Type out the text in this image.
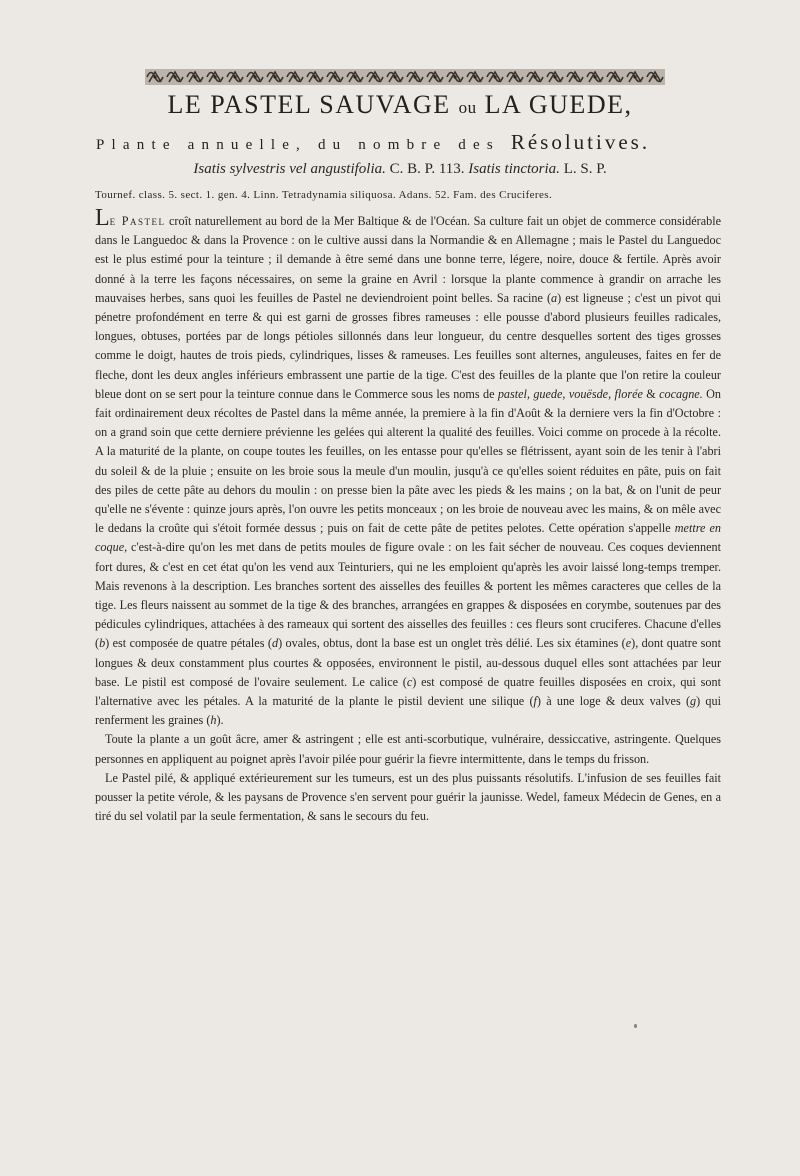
LE PASTEL SAUVAGE ou LA GUEDE,
Plante annuelle, du nombre des Résolutives.
Isatis sylvestris vel angustifolia. C. B. P. 113. Isatis tinctoria. L. S. P.
Tournef. class. 5. sect. 1. gen. 4. Linn. Tetradynamia siliquosa. Adans. 52. Fam. des Cruciferes.

Le Pastel croît naturellement au bord de la Mer Baltique & de l'Océan. Sa culture fait un objet de commerce considérable dans le Languedoc & dans la Provence : on le cultive aussi dans la Normandie & en Allemagne ; mais le Pastel du Languedoc est le plus estimé pour la teinture ; il demande à être semé dans une bonne terre, légere, noire, douce & fertile. Après avoir donné à la terre les façons nécessaires, on seme la graine en Avril : lorsque la plante commence à grandir on arrache les mauvaises herbes, sans quoi les feuilles de Pastel ne deviendroient point belles. Sa racine (a) est ligneuse ; c'est un pivot qui pénetre profondément en terre & qui est garni de grosses fibres rameuses : elle pousse d'abord plusieurs feuilles radicales, longues, obtuses, portées par de longs pétioles sillonnés dans leur longueur, du centre desquelles sortent des tiges grosses comme le doigt, hautes de trois pieds, cylindriques, lisses & rameuses. Les feuilles sont alternes, anguleuses, faites en fer de fleche, dont les deux angles inférieurs embrassent une partie de la tige. C'est des feuilles de la plante que l'on retire la couleur bleue dont on se sert pour la teinture connue dans le Commerce sous les noms de pastel, guede, vouësde, florée & cocagne. On fait ordinairement deux récoltes de Pastel dans la même année, la premiere à la fin d'Août & la derniere vers la fin d'Octobre : on a grand soin que cette derniere prévienne les gelées qui alterent la qualité des feuilles. Voici comme on procede à la récolte. A la maturité de la plante, on coupe toutes les feuilles, on les entasse pour qu'elles se flétrissent, ayant soin de les tenir à l'abri du soleil & de la pluie ; ensuite on les broie sous la meule d'un moulin, jusqu'à ce qu'elles soient réduites en pâte, puis on fait des piles de cette pâte au dehors du moulin : on presse bien la pâte avec les pieds & les mains ; on la bat, & on l'unit de peur qu'elle ne s'évente : quinze jours après, l'on ouvre les petits monceaux ; on les broie de nouveau avec les mains, & on mêle avec le dedans la croûte qui s'étoit formée dessus ; puis on fait de cette pâte de petites pelotes. Cette opération s'appelle mettre en coque, c'est-à-dire qu'on les met dans de petits moules de figure ovale : on les fait sécher de nouveau. Ces coques deviennent fort dures, & c'est en cet état qu'on les vend aux Teinturiers, qui ne les emploient qu'après les avoir laissé long-temps tremper. Mais revenons à la description. Les branches sortent des aisselles des feuilles & portent les mêmes caracteres que celles de la tige. Les fleurs naissent au sommet de la tige & des branches, arrangées en grappes & disposées en corymbe, soutenues par des pédicules cylindriques, attachées à des rameaux qui sortent des aisselles des feuilles : ces fleurs sont cruciferes. Chacune d'elles (b) est composée de quatre pétales (d) ovales, obtus, dont la base est un onglet très délié. Les six étamines (e), dont quatre sont longues & deux constamment plus courtes & opposées, environnent le pistil, au-dessous duquel elles sont attachées par leur base. Le pistil est composé de l'ovaire seulement. Le calice (c) est composé de quatre feuilles disposées en croix, qui sont l'alternative avec les pétales. A la maturité de la plante le pistil devient une silique (f) à une loge & deux valves (g) qui renferment les graines (h).

Toute la plante a un goût âcre, amer & astringent ; elle est anti-scorbutique, vulnéraire, dessiccative, astringente. Quelques personnes en appliquent au poignet après l'avoir pilée pour guérir la fievre intermittente, dans le temps du frisson.

Le Pastel pilé, & appliqué extérieurement sur les tumeurs, est un des plus puissants résolutifs. L'infusion de ses feuilles fait pousser la petite vérole, & les paysans de Provence s'en servent pour guérir la jaunisse. Wedel, fameux Médecin de Genes, en a tiré du sel volatil par la seule fermentation, & sans le secours du feu.
